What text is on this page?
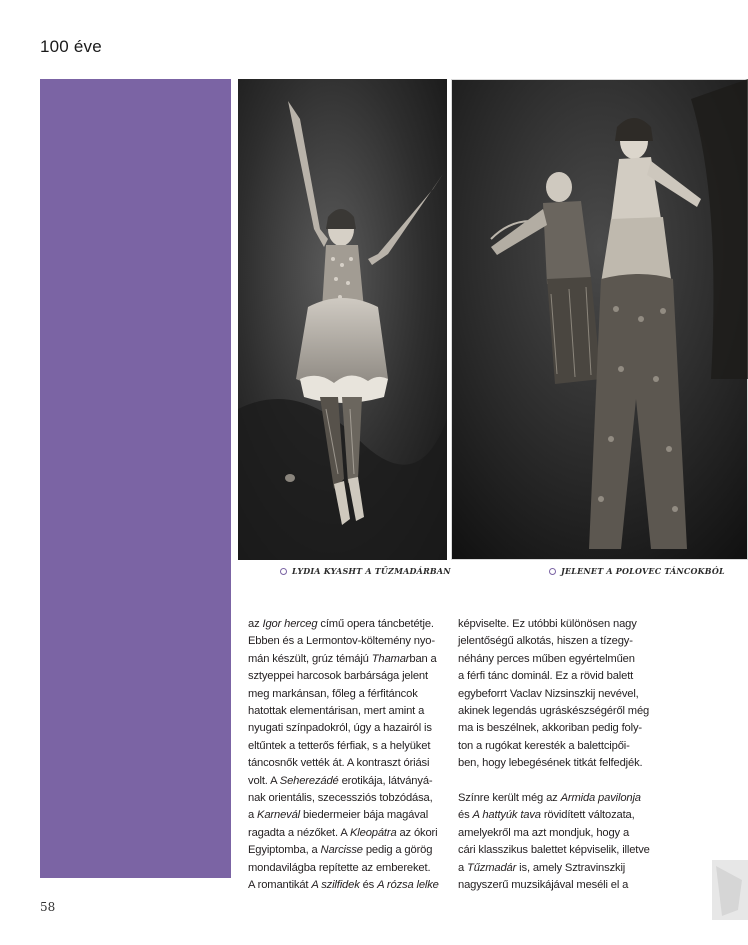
100 éve
LYDIA KYASHT A TŰZMADÁRBAN	JELENET A POLOVEC TÁNCOKBÓL

az Igor herceg című opera táncbetétje.
Ebben és a Lermontov-költemény nyo-
mán készült, grúz témájú Thamarban a
sztyeppei harcosok barbársága jelent
meg markánsan, főleg a férfitáncok
hatottak elementárisan, mert amint a
nyugati színpadokról, úgy a hazairól is
eltűntek a tetterős férfiak, s a helyüket
táncosnők vették át. A kontraszt óriási
volt. A Seherezádé erotikája, látványá-
nak orientális, szecessziós tobzódása,
a Karnevál biedermeier bája magával
ragadta a nézőket. A Kleopátra az ókori
Egyiptomba, a Narcisse pedig a görög
mondavilágba repítette az embereket.
A romantikát A szilfidek és A rózsa lelke

képviselte. Ez utóbbi különösen nagy
jelentőségű alkotás, hiszen a tízegy-
néhány perces műben egyértelműen
a férfi tánc dominál. Ez a rövid balett
egybeforrt Vaclav Nizsinszkij nevével,
akinek legendás ugráskészségéről még
ma is beszélnek, akkoriban pedig foly-
ton a rugókat keresték a balettcipői-
ben, hogy lebegésének titkát felfedjék.

Színre került még az Armida pavilonja
és A hattyúk tava rövidített változata,
amelyekről ma azt mondjuk, hogy a
cári klasszikus balettet képviselik, illetve
a Tűzmadár is, amely Sztravinszkij
nagyszerű muzsikájával meséli el a

58
